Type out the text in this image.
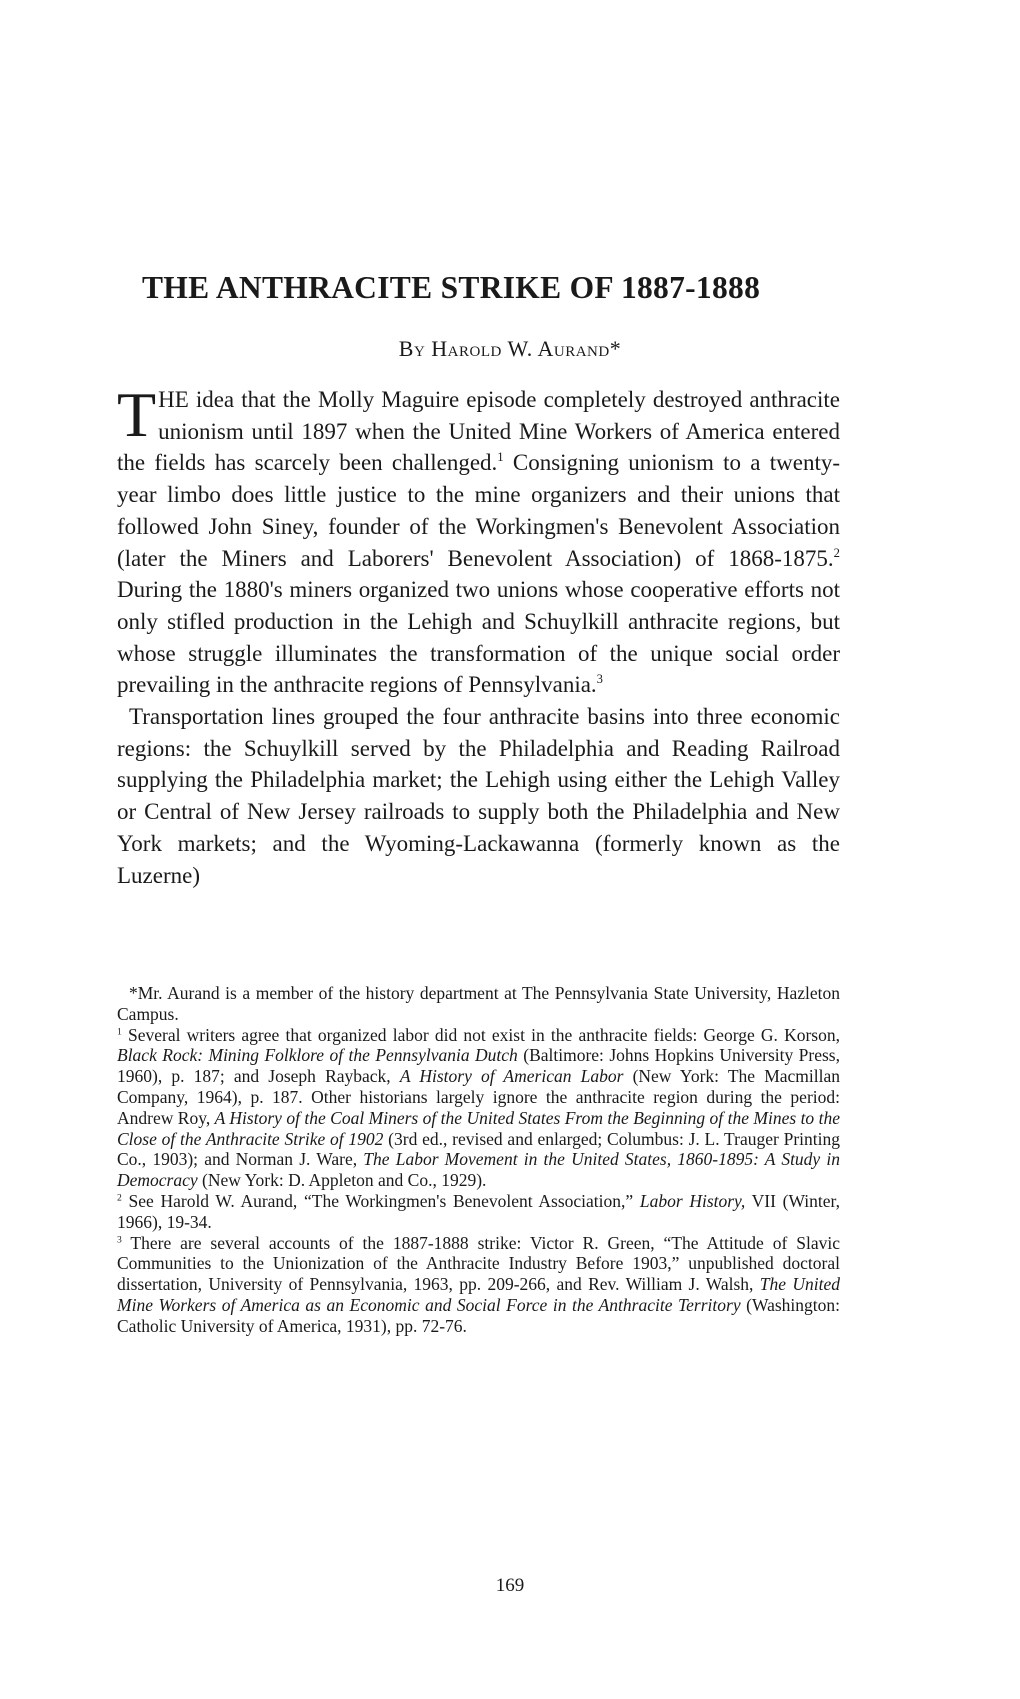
THE ANTHRACITE STRIKE OF 1887-1888
By Harold W. Aurand*

THE idea that the Molly Maguire episode completely destroyed anthracite unionism until 1897 when the United Mine Workers of America entered the fields has scarcely been challenged.$^1$ Consigning unionism to a twenty-year limbo does little justice to the mine organizers and their unions that followed John Siney, founder of the Workingmen's Benevolent Association (later the Miners and Laborers' Benevolent Association) of 1868-1875.$^2$ During the 1880's miners organized two unions whose cooperative efforts not only stifled production in the Lehigh and Schuylkill anthracite regions, but whose struggle illuminates the transformation of the unique social order prevailing in the anthracite regions of Pennsylvania.$^3$

Transportation lines grouped the four anthracite basins into three economic regions: the Schuylkill served by the Philadelphia and Reading Railroad supplying the Philadelphia market; the Lehigh using either the Lehigh Valley or Central of New Jersey railroads to supply both the Philadelphia and New York markets; and the Wyoming-Lackawanna (formerly known as the Luzerne)

*Mr. Aurand is a member of the history department at The Pennsylvania State University, Hazleton Campus.

$^1$ Several writers agree that organized labor did not exist in the anthracite fields: George G. Korson, Black Rock: Mining Folklore of the Pennsylvania Dutch (Baltimore: Johns Hopkins University Press, 1960), p. 187; and Joseph Rayback, A History of American Labor (New York: The Macmillan Company, 1964), p. 187. Other historians largely ignore the anthracite region during the period: Andrew Roy, A History of the Coal Miners of the United States From the Beginning of the Mines to the Close of the Anthracite Strike of 1902 (3rd ed., revised and enlarged; Columbus: J. L. Trauger Printing Co., 1903); and Norman J. Ware, The Labor Movement in the United States, 1860-1895: A Study in Democracy (New York: D. Appleton and Co., 1929).

$^2$ See Harold W. Aurand, “The Workingmen's Benevolent Association,” Labor History, VII (Winter, 1966), 19-34.

$^3$ There are several accounts of the 1887-1888 strike: Victor R. Green, “The Attitude of Slavic Communities to the Unionization of the Anthracite Industry Before 1903,” unpublished doctoral dissertation, University of Pennsylvania, 1963, pp. 209-266, and Rev. William J. Walsh, The United Mine Workers of America as an Economic and Social Force in the Anthracite Territory (Washington: Catholic University of America, 1931), pp. 72-76.

169
